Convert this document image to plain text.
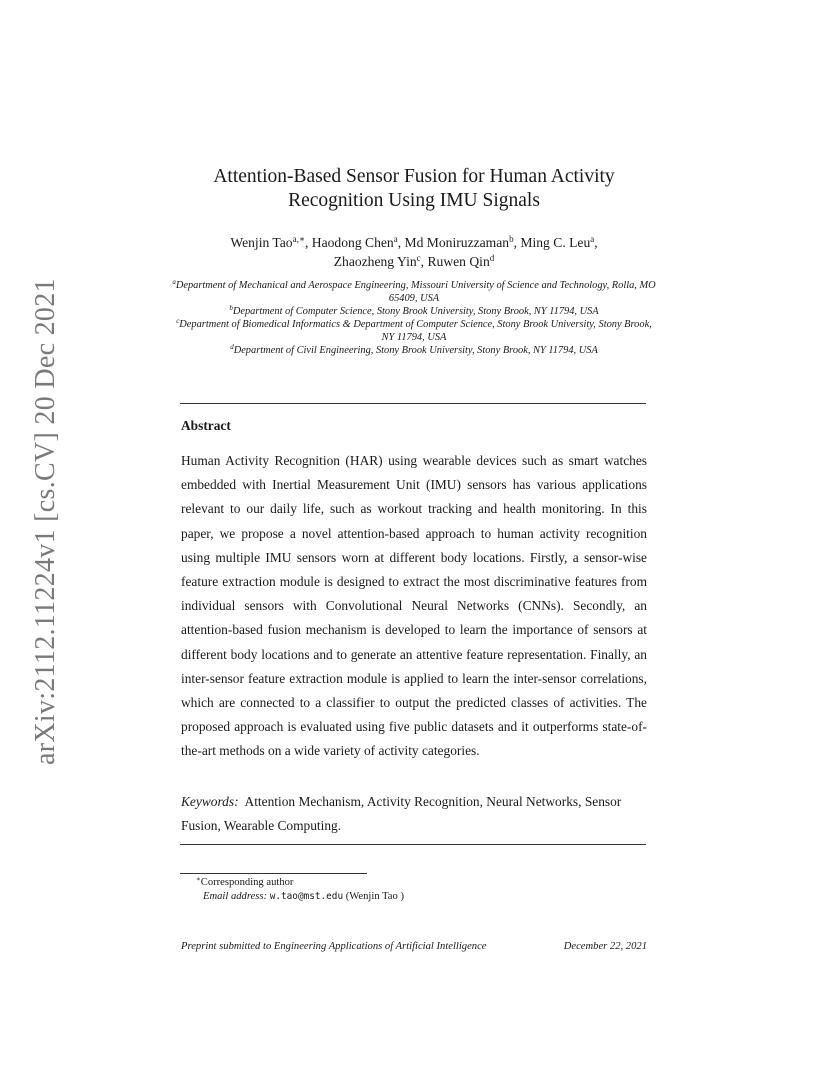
arXiv:2112.11224v1 [cs.CV] 20 Dec 2021
Attention-Based Sensor Fusion for Human Activity
Recognition Using IMU Signals
Wenjin Tao$^{a,∗}$, Haodong Chen$^a$, Md Moniruzzaman$^b$, Ming C. Leu$^a$,
Zhaozheng Yin$^c$, Ruwen Qin$^d$

$^a$Department of Mechanical and Aerospace Engineering, Missouri University of Science and Technology, Rolla, MO 65409, USA

$^b$Department of Computer Science, Stony Brook University, Stony Brook, NY 11794, USA

$^c$Department of Biomedical Informatics & Department of Computer Science, Stony Brook University, Stony Brook, NY 11794, USA

$^d$Department of Civil Engineering, Stony Brook University, Stony Brook, NY 11794, USA

Abstract

Human Activity Recognition (HAR) using wearable devices such as smart watches embedded with Inertial Measurement Unit (IMU) sensors has various applications relevant to our daily life, such as workout tracking and health monitoring. In this paper, we propose a novel attention-based approach to human activity recognition using multiple IMU sensors worn at different body locations. Firstly, a sensor-wise feature extraction module is designed to extract the most discriminative features from individual sensors with Convolutional Neural Networks (CNNs). Secondly, an attention-based fusion mechanism is developed to learn the importance of sensors at different body locations and to generate an attentive feature representation. Finally, an inter-sensor feature extraction module is applied to learn the inter-sensor correlations, which are connected to a classifier to output the predicted classes of activities. The proposed approach is evaluated using five public datasets and it outperforms state-of-the-art methods on a wide variety of activity categories.

Keywords: Attention Mechanism, Activity Recognition, Neural Networks, Sensor Fusion, Wearable Computing.

∗Corresponding author
Email address: w.tao@mst.edu (Wenjin Tao )
Preprint submitted to Engineering Applications of Artificial Intelligence	December 22, 2021
